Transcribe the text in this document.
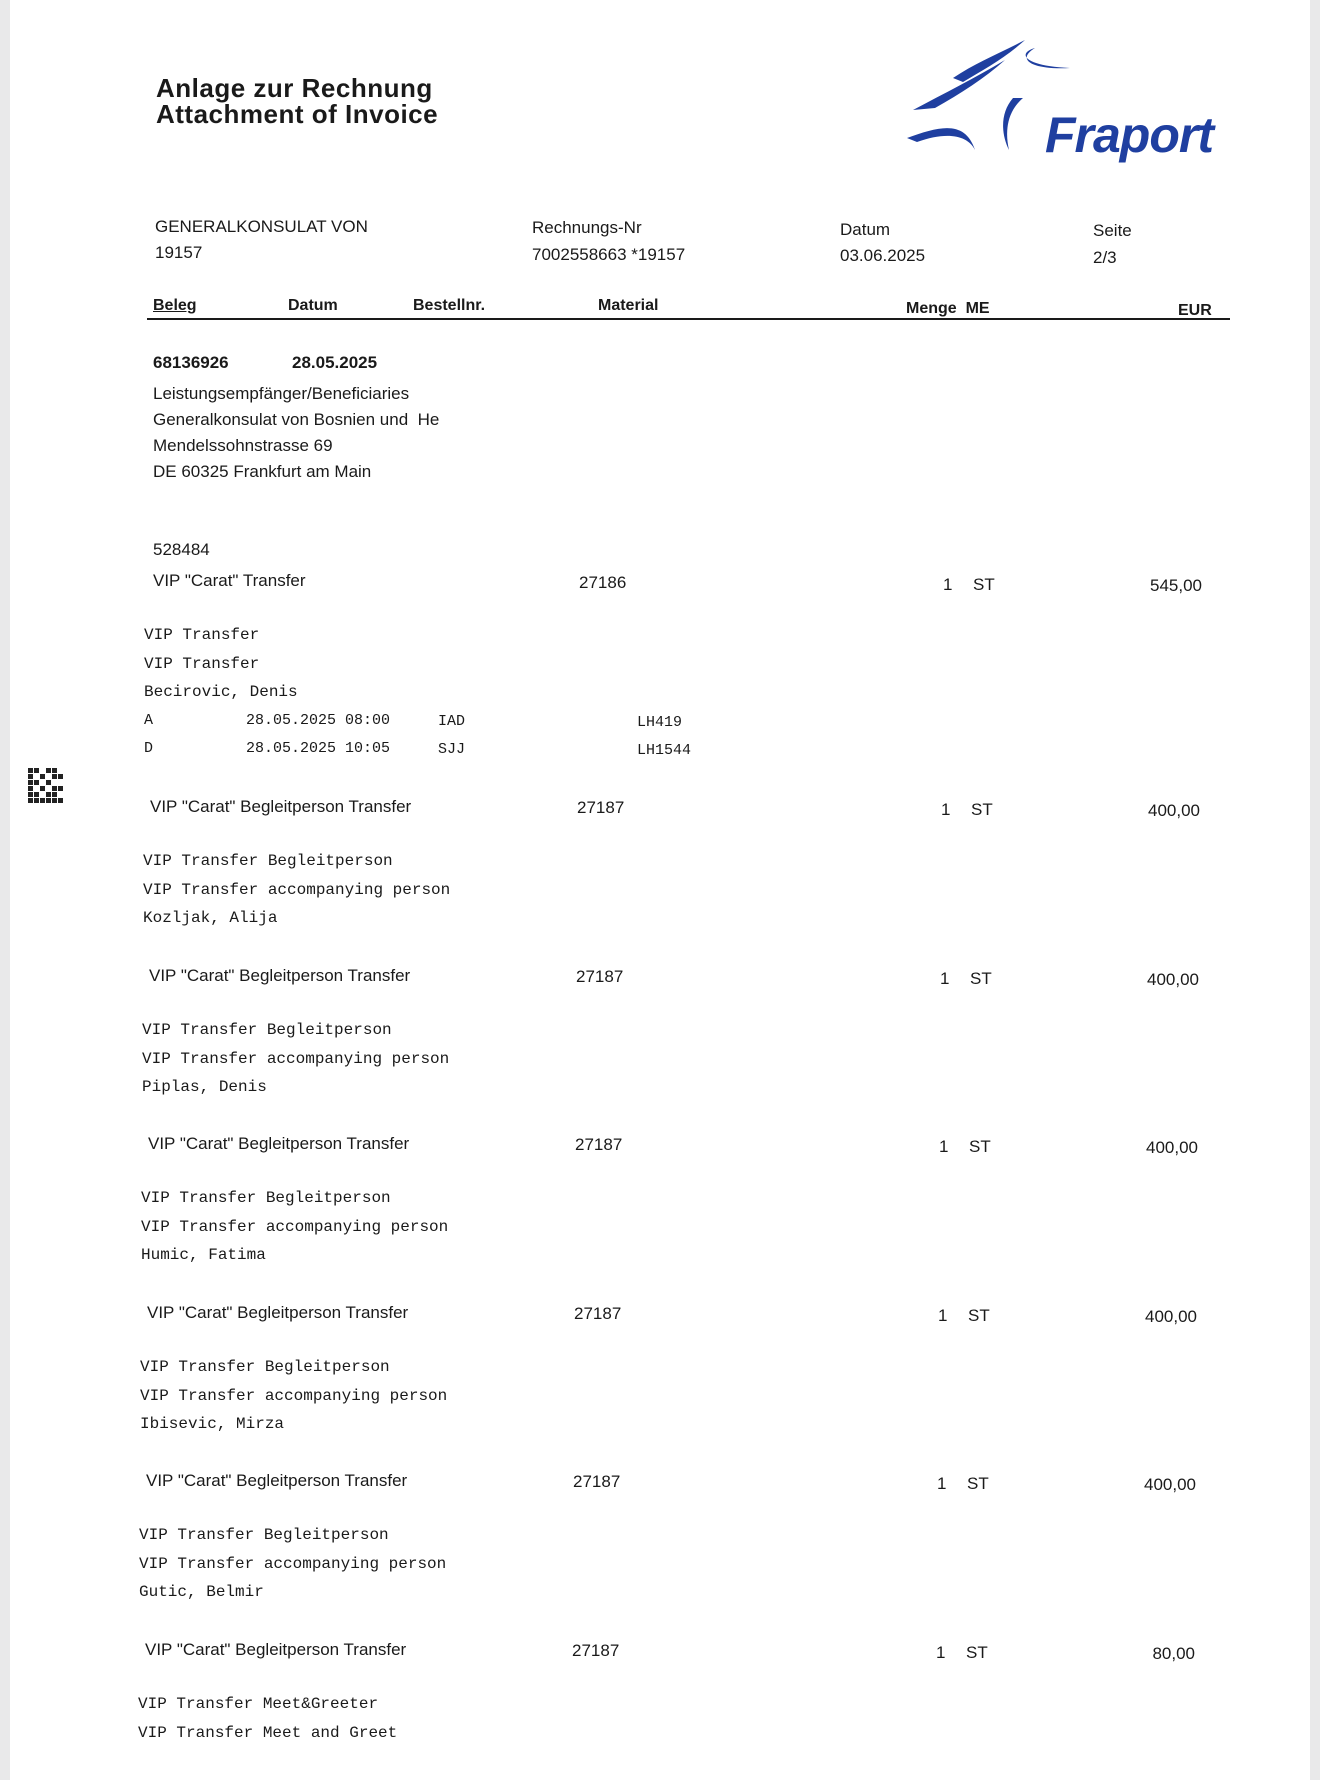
Anlage zur Rechnung
Attachment of Invoice	Fraport
GENERALKONSULAT VON
19157
Rechnungs-Nr
7002558663 *19157
Datum
03.06.2025
Seite
2/3
Beleg	Datum	Bestellnr.	Material	Menge  ME	EUR
68136926	28.05.2025
Leistungsempfänger/Beneficiaries
Generalkonsulat von Bosnien und  He
Mendelssohnstrasse 69
DE 60325 Frankfurt am Main
528484
VIP "Carat" Transfer	27186	1 ST	545,00
VIP Transfer
VIP Transfer
Becirovic, Denis
A	28.05.2025 08:00	IAD	LH419
D	28.05.2025 10:05	SJJ	LH1544
VIP "Carat" Begleitperson Transfer	27187	1 ST	400,00
VIP Transfer Begleitperson
VIP Transfer accompanying person
Kozljak, Alija
VIP "Carat" Begleitperson Transfer	27187	1 ST	400,00
VIP Transfer Begleitperson
VIP Transfer accompanying person
Piplas, Denis
VIP "Carat" Begleitperson Transfer	27187	1 ST	400,00
VIP Transfer Begleitperson
VIP Transfer accompanying person
Humic, Fatima
VIP "Carat" Begleitperson Transfer	27187	1 ST	400,00
VIP Transfer Begleitperson
VIP Transfer accompanying person
Ibisevic, Mirza
VIP "Carat" Begleitperson Transfer	27187	1 ST	400,00
VIP Transfer Begleitperson
VIP Transfer accompanying person
Gutic, Belmir
VIP "Carat" Begleitperson Transfer	27187	1 ST	80,00
VIP Transfer Meet&Greeter
VIP Transfer Meet and Greet
